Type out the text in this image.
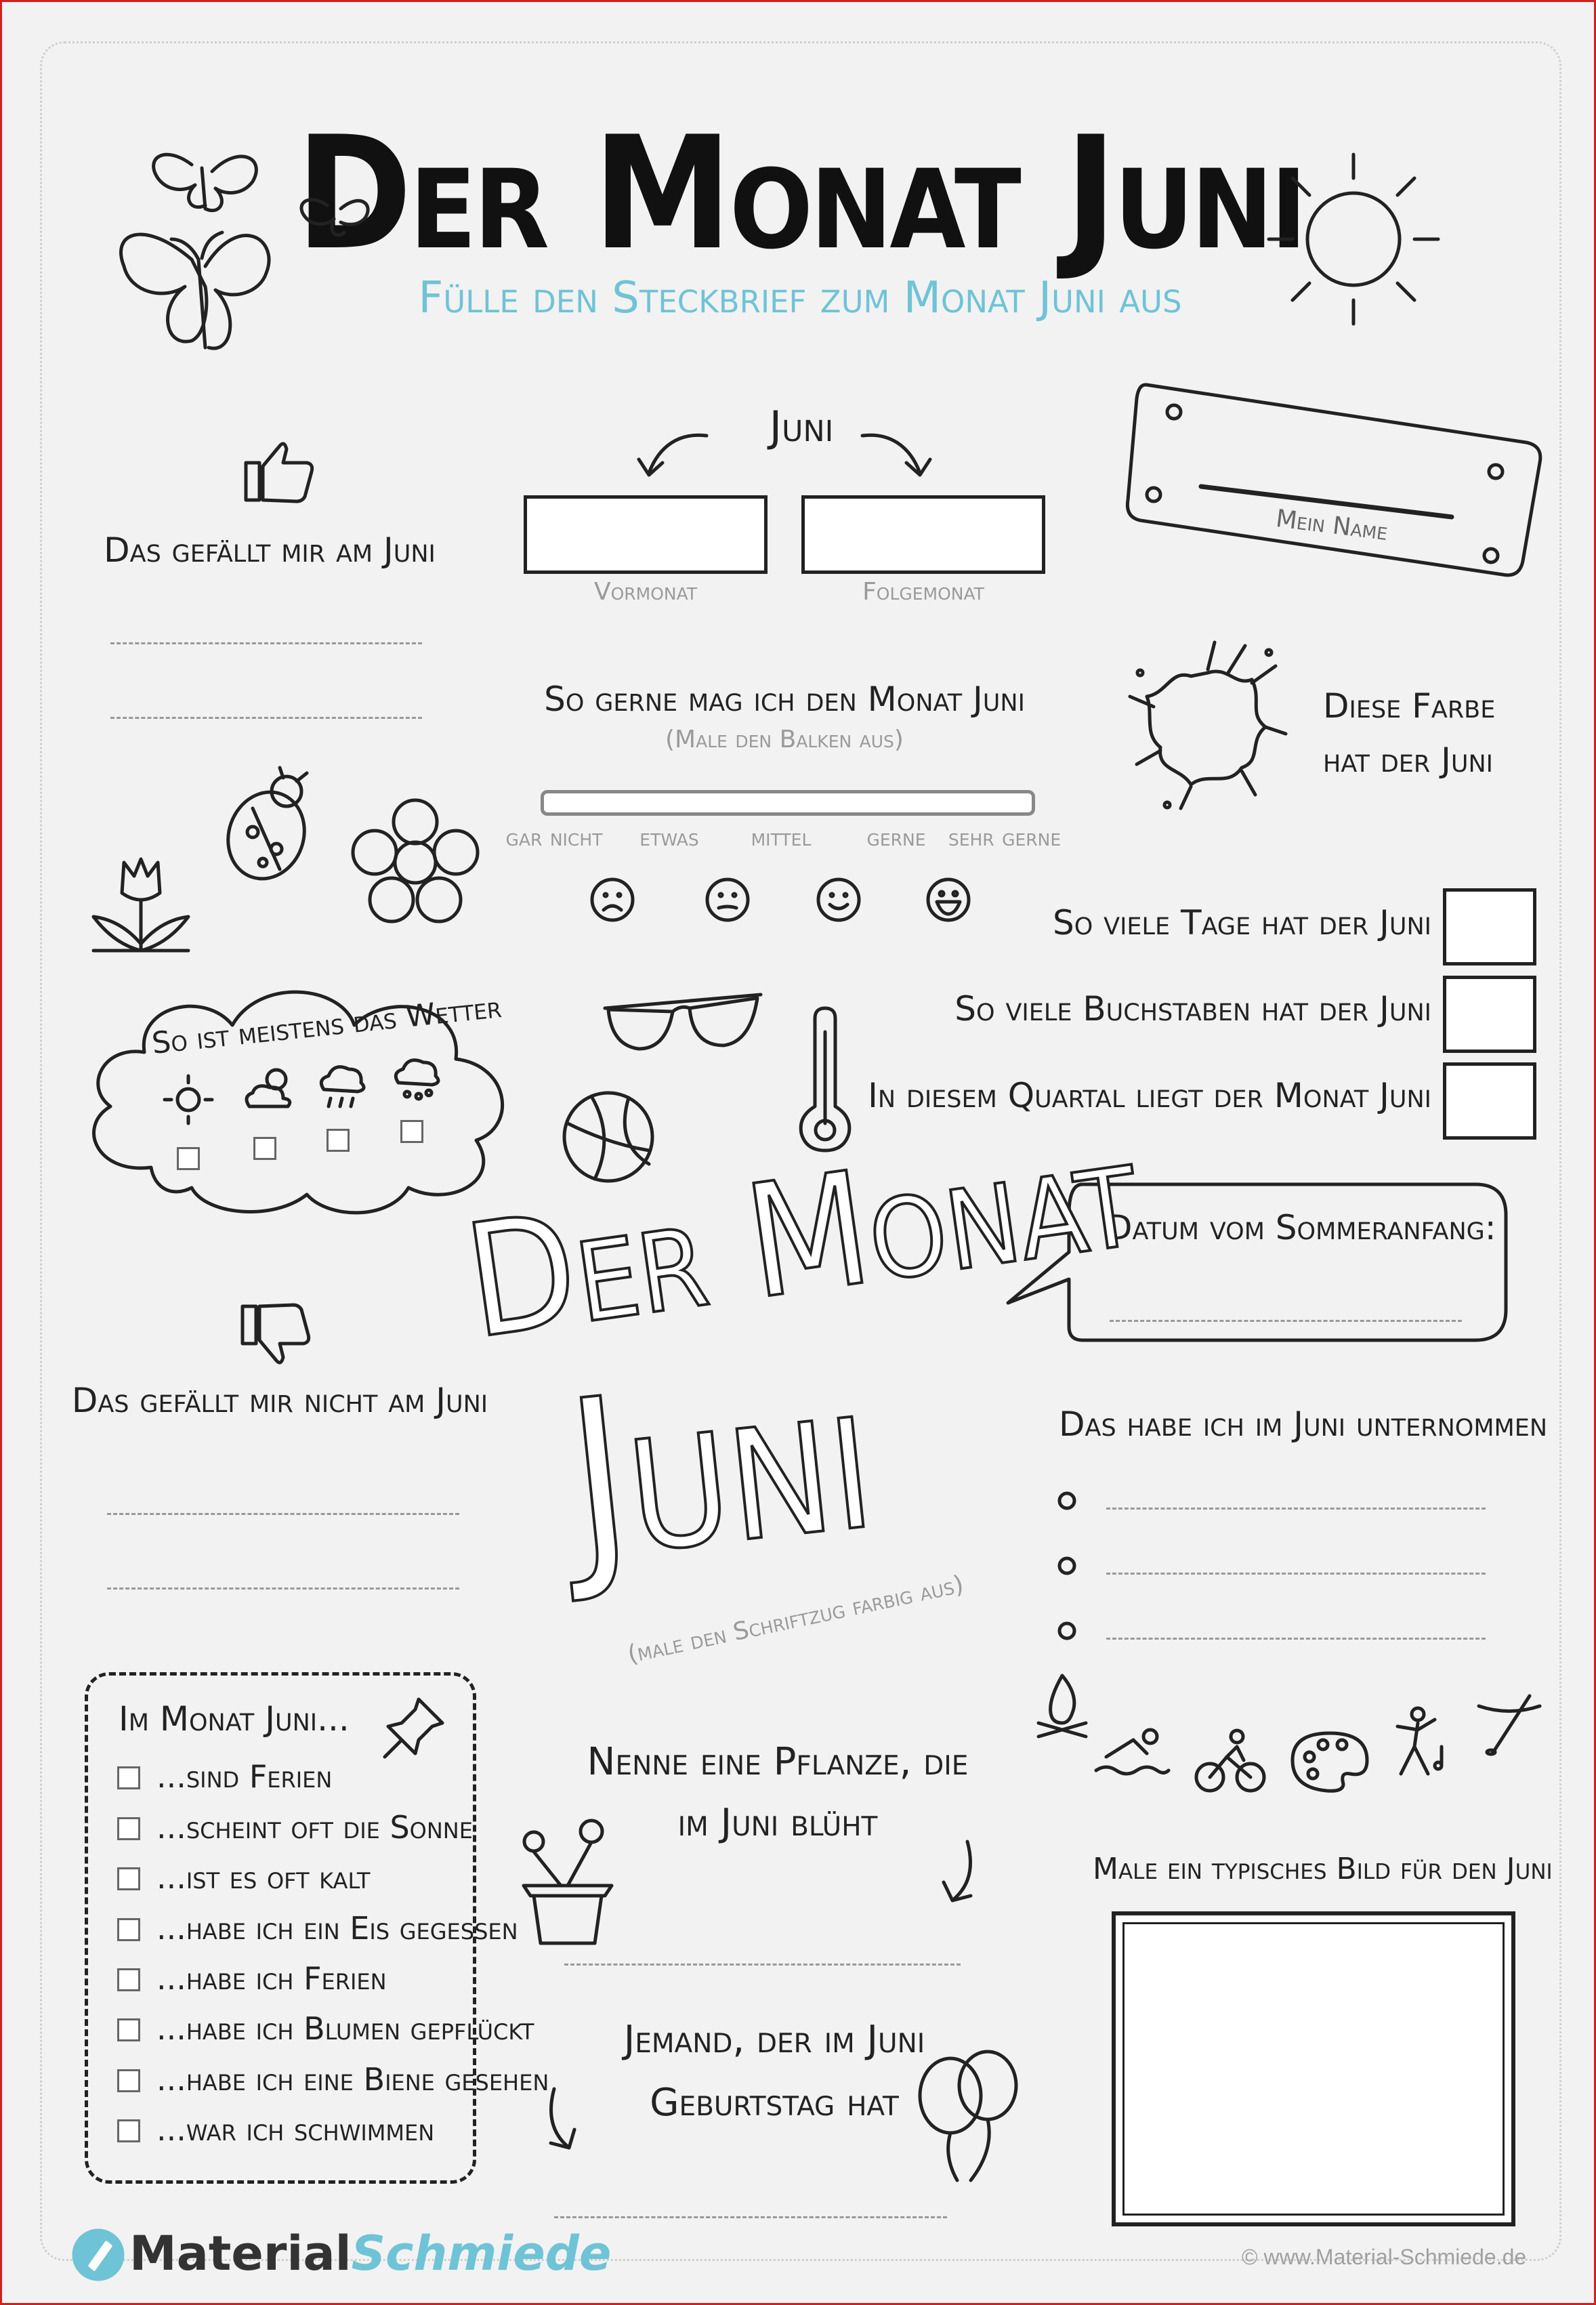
Der Monat Juni
Fülle den Steckbrief zum Monat Juni aus
Juni
Vormonat	Folgemonat
Mein Name
Das gefällt mir am Juni
So gerne mag ich den Monat Juni
(Male den Balken aus)
gar nicht	etwas	mittel	gerne sehr gerne
Diese Farbe
hat der Juni
So viele Tage hat der Juni
So viele Buchstaben hat der Juni
In diesem Quartal liegt der Monat Juni
So ist meistens das Wetter
Datum vom Sommeranfang:
Das gefällt mir nicht am Juni
Der Monat
Juni
(male den Schriftzug farbig aus)
Das habe ich im Juni unternommen
Im Monat Juni...
...sind Ferien
...scheint oft die Sonne
...ist es oft kalt
...habe ich ein Eis gegessen
...habe ich Ferien
...habe ich Blumen gepflückt
...habe ich eine Biene gesehen
...war ich schwimmen
Nenne eine Pflanze, die
im Juni blüht
Jemand, der im Juni
Geburtstag hat
Male ein typisches Bild für den Juni
MaterialSchmiede	© www.Material-Schmiede.de
